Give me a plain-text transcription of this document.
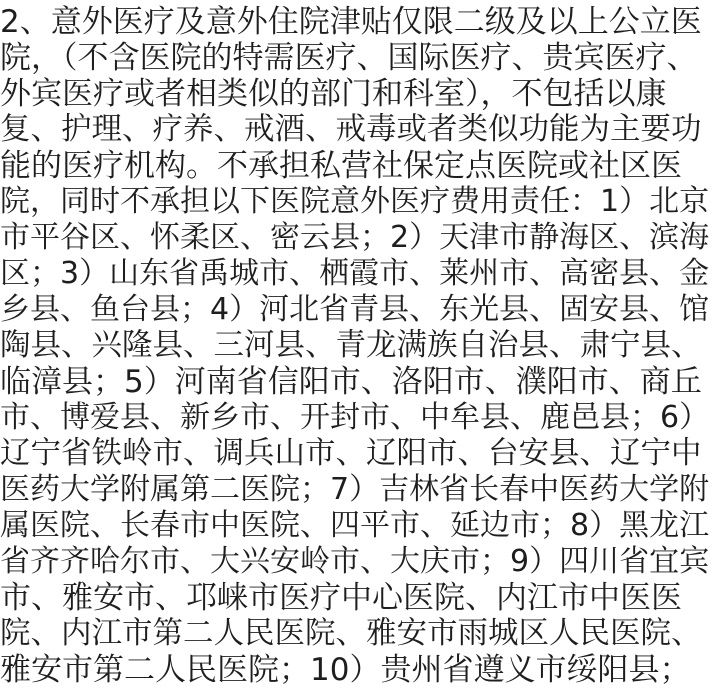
2、意外医疗及意外住院津贴仅限二级及以上公立医
院，（不含医院的特需医疗、国际医疗、贵宾医疗、
外宾医疗或者相类似的部门和科室），不包括以康
复、护理、疗养、戒酒、戒毒或者类似功能为主要功
能的医疗机构。不承担私营社保定点医院或社区医
院，同时不承担以下医院意外医疗费用责任：1）北京
市平谷区、怀柔区、密云县；2）天津市静海区、滨海
区；3）山东省禹城市、栖霞市、莱州市、高密县、金
乡县、鱼台县；4）河北省青县、东光县、固安县、馆
陶县、兴隆县、三河县、青龙满族自治县、肃宁县、
临漳县；5）河南省信阳市、洛阳市、濮阳市、商丘
市、博爱县、新乡市、开封市、中牟县、鹿邑县；6）
辽宁省铁岭市、调兵山市、辽阳市、台安县、辽宁中
医药大学附属第二医院；7）吉林省长春中医药大学附
属医院、长春市中医院、四平市、延边市；8）黑龙江
省齐齐哈尔市、大兴安岭市、大庆市；9）四川省宜宾
市、雅安市、邛崃市医疗中心医院、内江市中医医
院、内江市第二人民医院、雅安市雨城区人民医院、
雅安市第二人民医院；10）贵州省遵义市绥阳县；
